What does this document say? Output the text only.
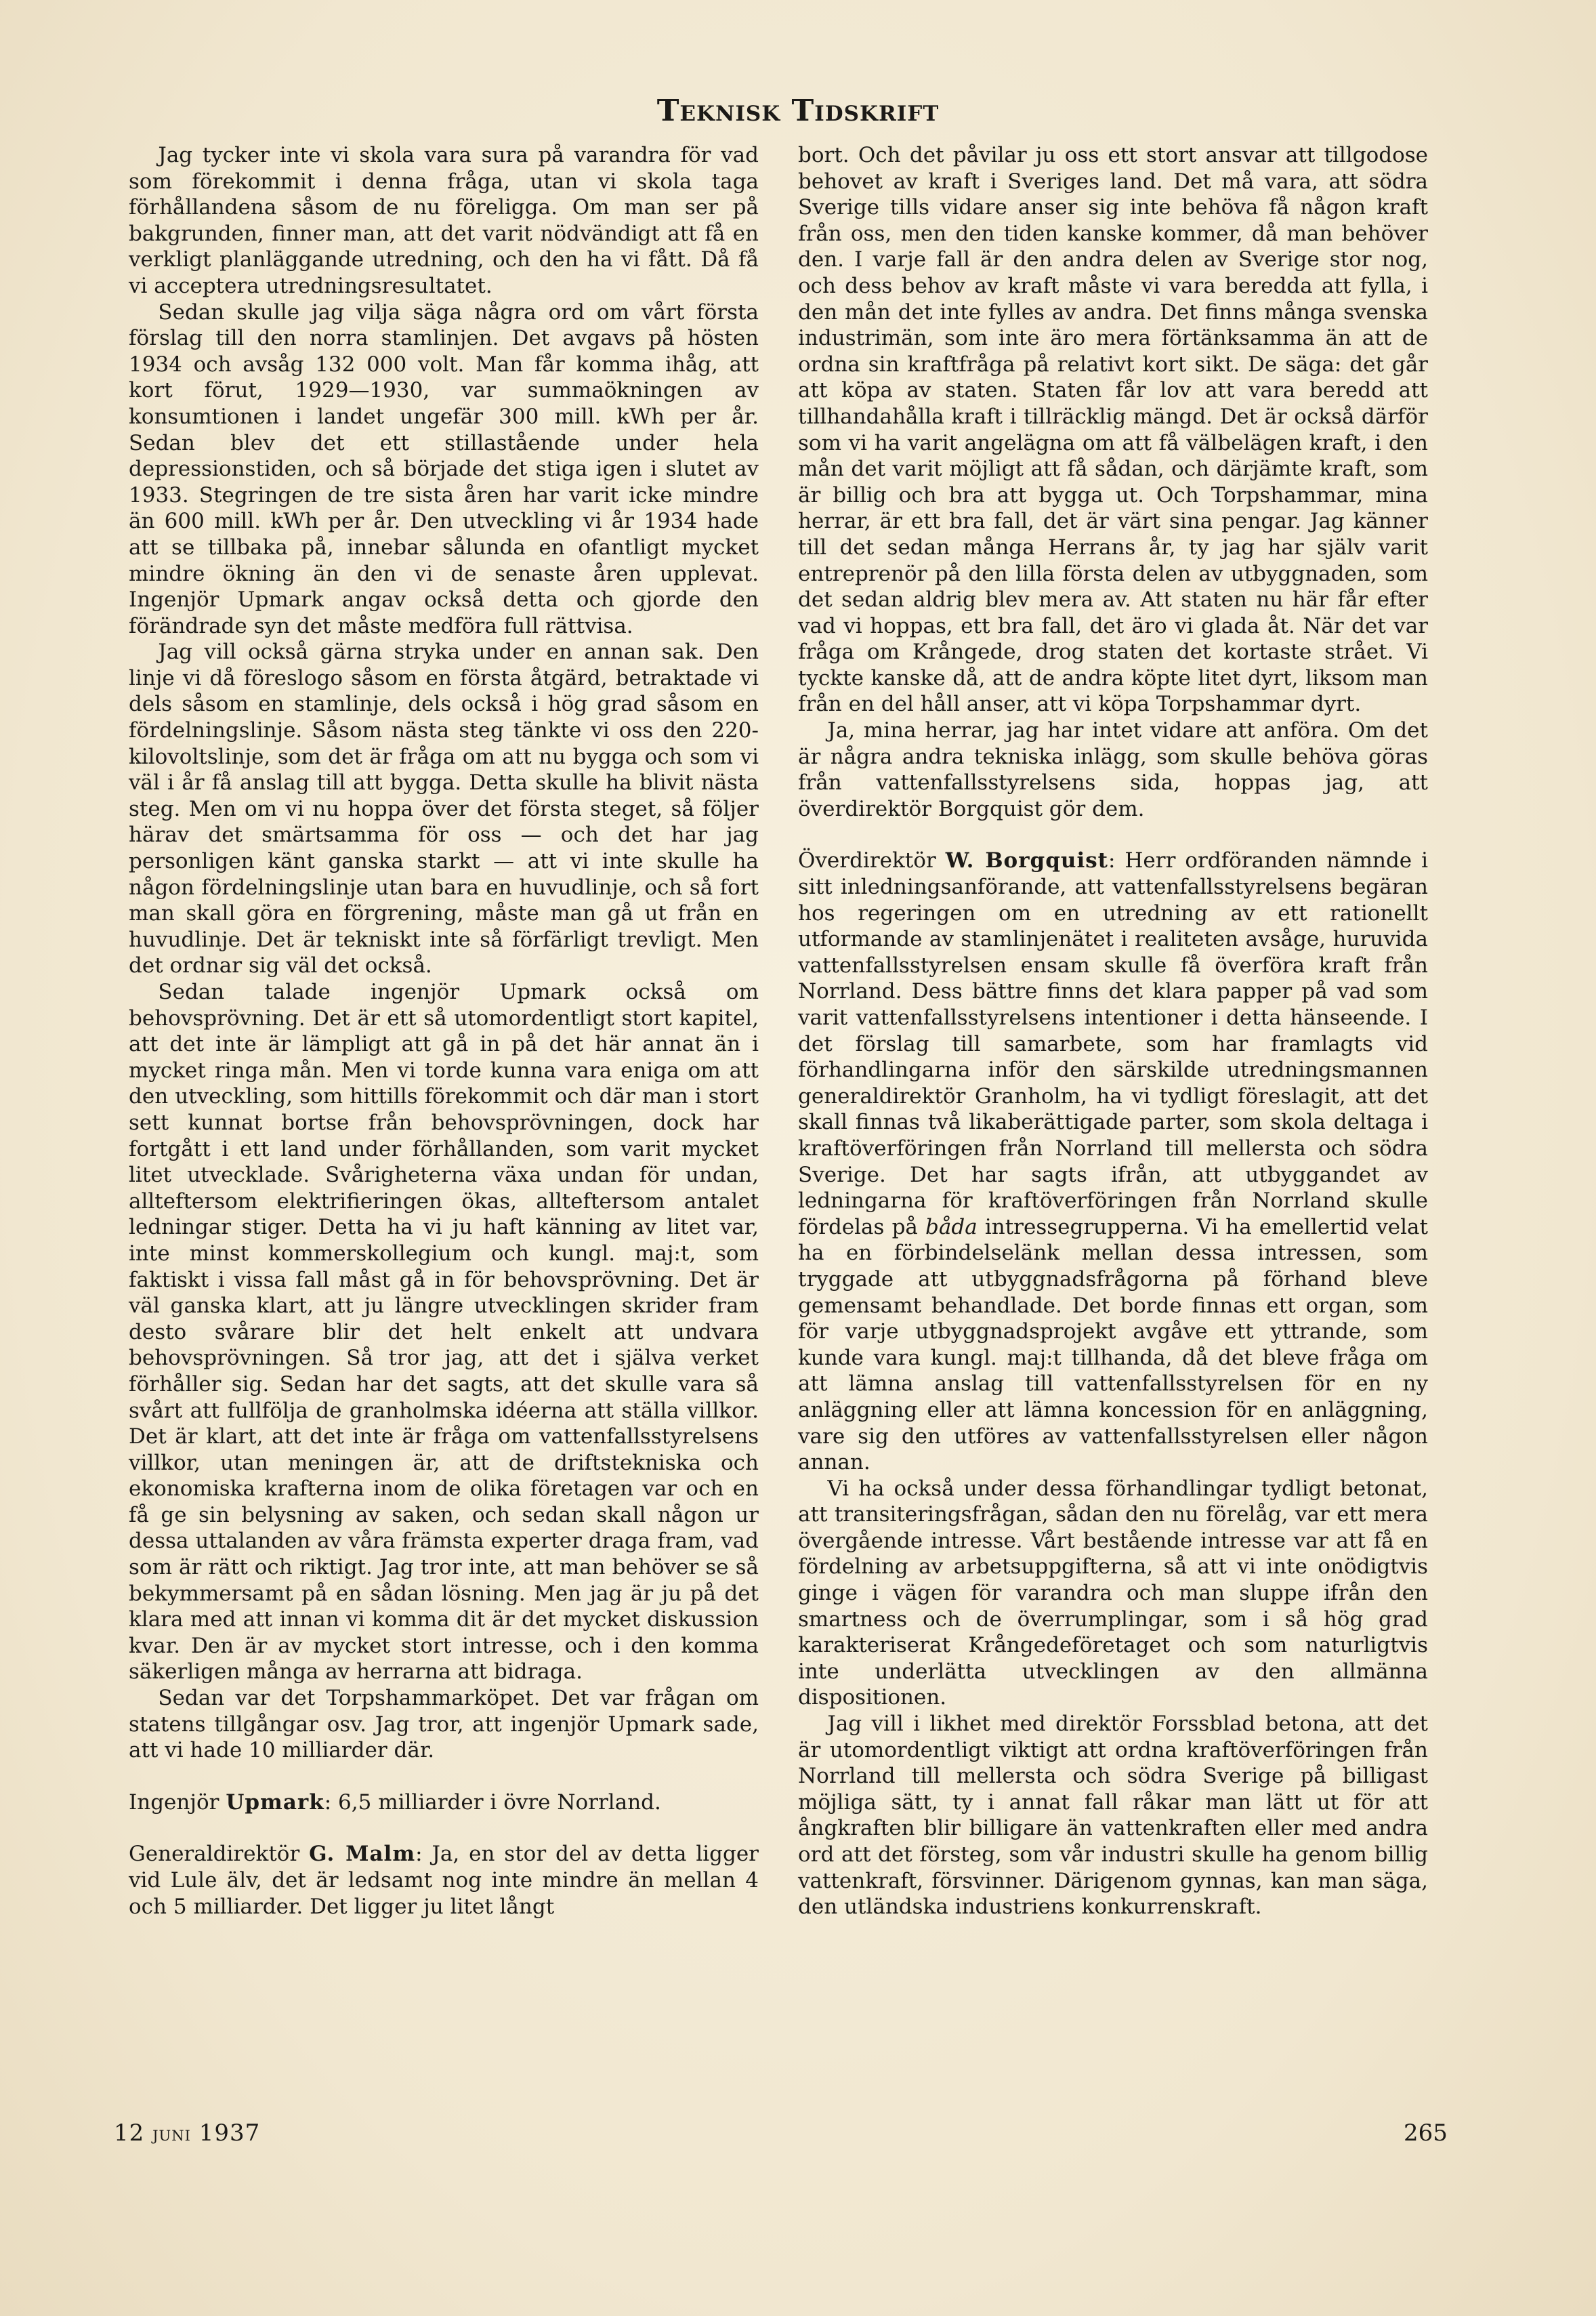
Teknisk Tidskrift

Jag tycker inte vi skola vara sura på varandra för vad som förekommit i denna fråga, utan vi skola taga förhållandena såsom de nu föreligga. Om man ser på bakgrunden, finner man, att det varit nödvändigt att få en verkligt planläggande utredning, och den ha vi fått. Då få vi acceptera utredningsresultatet.

Sedan skulle jag vilja säga några ord om vårt första förslag till den norra stamlinjen. Det avgavs på hösten 1934 och avsåg 132 000 volt. Man får komma ihåg, att kort förut, 1929—1930, var summaökningen av konsumtionen i landet ungefär 300 mill. kWh per år. Sedan blev det ett stillastående under hela depressionstiden, och så började det stiga igen i slutet av 1933. Stegringen de tre sista åren har varit icke mindre än 600 mill. kWh per år. Den utveckling vi år 1934 hade att se tillbaka på, innebar sålunda en ofantligt mycket mindre ökning än den vi de senaste åren upplevat. Ingenjör Upmark angav också detta och gjorde den förändrade syn det måste medföra full rättvisa.

Jag vill också gärna stryka under en annan sak. Den linje vi då föreslogo såsom en första åtgärd, betraktade vi dels såsom en stamlinje, dels också i hög grad såsom en fördelningslinje. Såsom nästa steg tänkte vi oss den 220-kilovoltslinje, som det är fråga om att nu bygga och som vi väl i år få anslag till att bygga. Detta skulle ha blivit nästa steg. Men om vi nu hoppa över det första steget, så följer härav det smärtsamma för oss — och det har jag personligen känt ganska starkt — att vi inte skulle ha någon fördelningslinje utan bara en huvudlinje, och så fort man skall göra en förgrening, måste man gå ut från en huvudlinje. Det är tekniskt inte så förfärligt trevligt. Men det ordnar sig väl det också.

Sedan talade ingenjör Upmark också om behovsprövning. Det är ett så utomordentligt stort kapitel, att det inte är lämpligt att gå in på det här annat än i mycket ringa mån. Men vi torde kunna vara eniga om att den utveckling, som hittills förekommit och där man i stort sett kunnat bortse från behovsprövningen, dock har fortgått i ett land under förhållanden, som varit mycket litet utvecklade. Svårigheterna växa undan för undan, allteftersom elektrifieringen ökas, allteftersom antalet ledningar stiger. Detta ha vi ju haft känning av litet var, inte minst kommerskollegium och kungl. maj:t, som faktiskt i vissa fall måst gå in för behovsprövning. Det är väl ganska klart, att ju längre utvecklingen skrider fram desto svårare blir det helt enkelt att undvara behovsprövningen. Så tror jag, att det i själva verket förhåller sig. Sedan har det sagts, att det skulle vara så svårt att fullfölja de granholmska idéerna att ställa villkor. Det är klart, att det inte är fråga om vattenfallsstyrelsens villkor, utan meningen är, att de driftstekniska och ekonomiska krafterna inom de olika företagen var och en få ge sin belysning av saken, och sedan skall någon ur dessa uttalanden av våra främsta experter draga fram, vad som är rätt och riktigt. Jag tror inte, att man behöver se så bekymmersamt på en sådan lösning. Men jag är ju på det klara med att innan vi komma dit är det mycket diskussion kvar. Den är av mycket stort intresse, och i den komma säkerligen många av herrarna att bidraga.

Sedan var det Torpshammarköpet. Det var frågan om statens tillgångar osv. Jag tror, att ingenjör Upmark sade, att vi hade 10 milliarder där.

Ingenjör Upmark: 6,5 milliarder i övre Norrland.

Generaldirektör G. Malm: Ja, en stor del av detta ligger vid Lule älv, det är ledsamt nog inte mindre än mellan 4 och 5 milliarder. Det ligger ju litet långt

bort. Och det påvilar ju oss ett stort ansvar att tillgodose behovet av kraft i Sveriges land. Det må vara, att södra Sverige tills vidare anser sig inte behöva få någon kraft från oss, men den tiden kanske kommer, då man behöver den. I varje fall är den andra delen av Sverige stor nog, och dess behov av kraft måste vi vara beredda att fylla, i den mån det inte fylles av andra. Det finns många svenska industrimän, som inte äro mera förtänksamma än att de ordna sin kraftfråga på relativt kort sikt. De säga: det går att köpa av staten. Staten får lov att vara beredd att tillhandahålla kraft i tillräcklig mängd. Det är också därför som vi ha varit angelägna om att få välbelägen kraft, i den mån det varit möjligt att få sådan, och därjämte kraft, som är billig och bra att bygga ut. Och Torpshammar, mina herrar, är ett bra fall, det är värt sina pengar. Jag känner till det sedan många Herrans år, ty jag har själv varit entreprenör på den lilla första delen av utbyggnaden, som det sedan aldrig blev mera av. Att staten nu här får efter vad vi hoppas, ett bra fall, det äro vi glada åt. När det var fråga om Krångede, drog staten det kortaste strået. Vi tyckte kanske då, att de andra köpte litet dyrt, liksom man från en del håll anser, att vi köpa Torpshammar dyrt.

Ja, mina herrar, jag har intet vidare att anföra. Om det är några andra tekniska inlägg, som skulle behöva göras från vattenfallsstyrelsens sida, hoppas jag, att överdirektör Borgquist gör dem.

Överdirektör W. Borgquist: Herr ordföranden nämnde i sitt inledningsanförande, att vattenfallsstyrelsens begäran hos regeringen om en utredning av ett rationellt utformande av stamlinjenätet i realiteten avsåge, huruvida vattenfallsstyrelsen ensam skulle få överföra kraft från Norrland. Dess bättre finns det klara papper på vad som varit vattenfallsstyrelsens intentioner i detta hänseende. I det förslag till samarbete, som har framlagts vid förhandlingarna inför den särskilde utredningsmannen generaldirektör Granholm, ha vi tydligt föreslagit, att det skall finnas två likaberättigade parter, som skola deltaga i kraftöverföringen från Norrland till mellersta och södra Sverige. Det har sagts ifrån, att utbyggandet av ledningarna för kraftöverföringen från Norrland skulle fördelas på båda intressegrupperna. Vi ha emellertid velat ha en förbindelselänk mellan dessa intressen, som tryggade att utbyggnadsfrågorna på förhand bleve gemensamt behandlade. Det borde finnas ett organ, som för varje utbyggnadsprojekt avgåve ett yttrande, som kunde vara kungl. maj:t tillhanda, då det bleve fråga om att lämna anslag till vattenfallsstyrelsen för en ny anläggning eller att lämna koncession för en anläggning, vare sig den utföres av vattenfallsstyrelsen eller någon annan.

Vi ha också under dessa förhandlingar tydligt betonat, att transiteringsfrågan, sådan den nu förelåg, var ett mera övergående intresse. Vårt bestående intresse var att få en fördelning av arbetsuppgifterna, så att vi inte onödigtvis ginge i vägen för varandra och man sluppe ifrån den smartness och de överrumplingar, som i så hög grad karakteriserat Krångedeföretaget och som naturligtvis inte underlätta utvecklingen av den allmänna dispositionen.

Jag vill i likhet med direktör Forssblad betona, att det är utomordentligt viktigt att ordna kraftöverföringen från Norrland till mellersta och södra Sverige på billigast möjliga sätt, ty i annat fall råkar man lätt ut för att ångkraften blir billigare än vattenkraften eller med andra ord att det försteg, som vår industri skulle ha genom billig vattenkraft, försvinner. Därigenom gynnas, kan man säga, den utländska industriens konkurrenskraft.

12 juni 1937	265
